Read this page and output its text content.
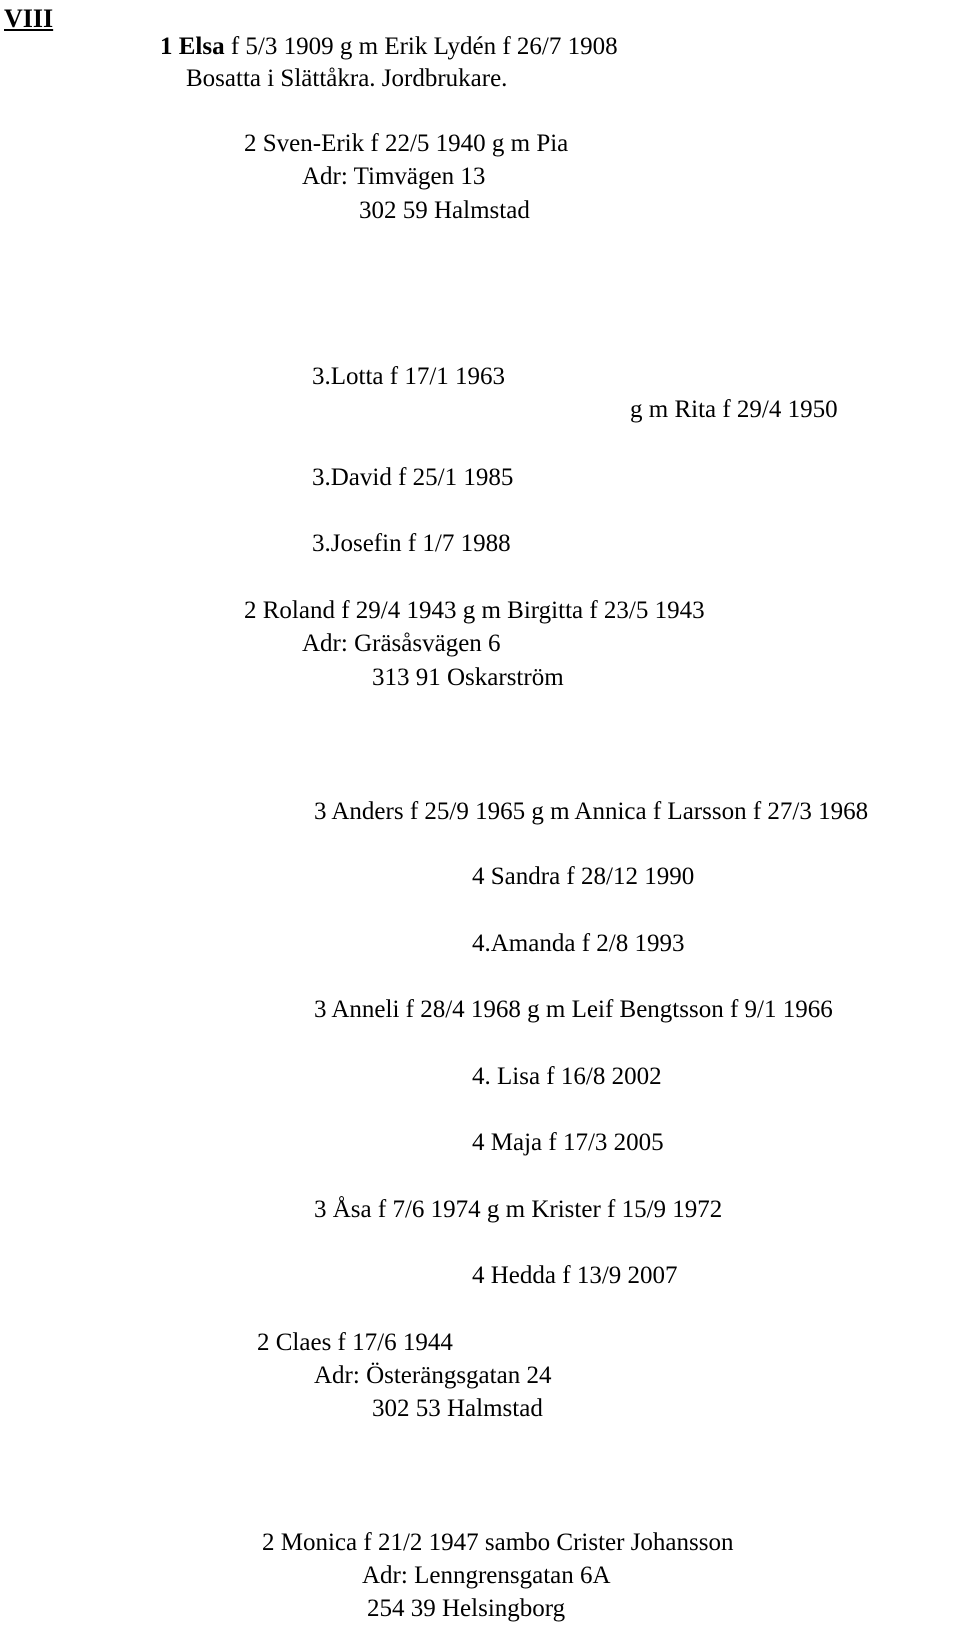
VIII
1 Elsa f 5/3 1909 g m Erik Lydén f 26/7 1908
Bosatta i Slättåkra. Jordbrukare.
2 Sven-Erik f 22/5 1940 g m Pia
Adr: Timvägen 13
302 59 Halmstad
3.Lotta f 17/1 1963
g m Rita f 29/4 1950
3.David f 25/1 1985
3.Josefin f 1/7 1988
2 Roland f 29/4 1943 g m Birgitta f 23/5 1943
Adr: Gräsåsvägen 6
313 91 Oskarström
3 Anders f 25/9 1965 g m Annica f Larsson f 27/3 1968
4 Sandra f 28/12 1990
4.Amanda f 2/8 1993
3 Anneli f 28/4 1968 g m Leif Bengtsson f 9/1 1966
4. Lisa f 16/8 2002
4 Maja f 17/3 2005
3 Åsa f 7/6 1974 g m Krister f 15/9 1972
4 Hedda f 13/9 2007
2 Claes f 17/6 1944
Adr: Österängsgatan 24
302 53 Halmstad
2 Monica f 21/2 1947 sambo Crister Johansson
Adr: Lenngrensgatan 6A
254 39 Helsingborg
